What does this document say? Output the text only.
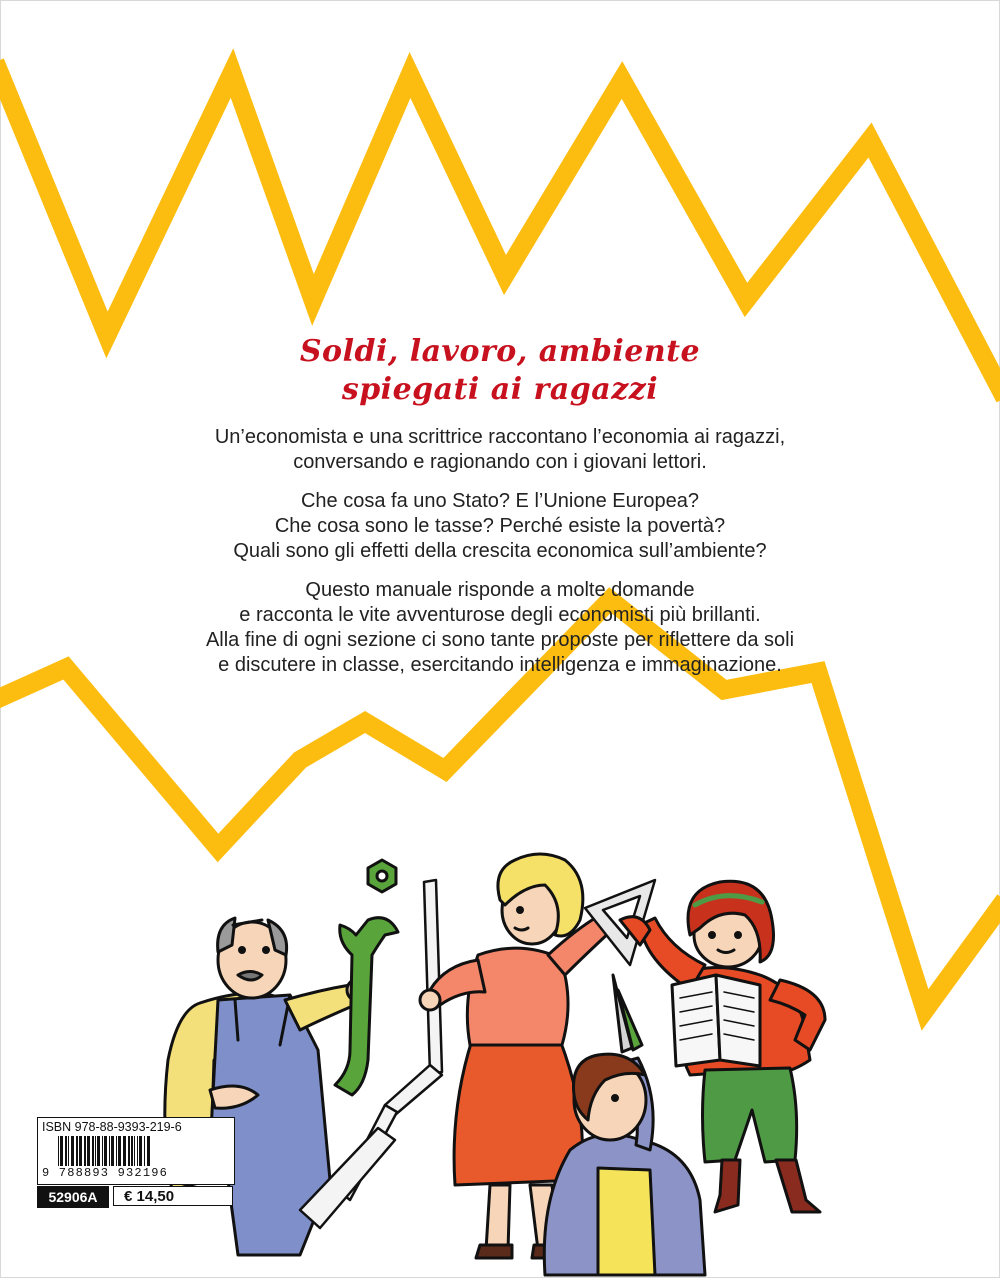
Soldi, lavoro, ambiente
spiegati ai ragazzi

Un’economista e una scrittrice raccontano l’economia ai ragazzi,
conversando e ragionando con i giovani lettori.

Che cosa fa uno Stato? E l’Unione Europea?
Che cosa sono le tasse? Perché esiste la povertà?
Quali sono gli effetti della crescita economica sull’ambiente?

Questo manuale risponde a molte domande
e racconta le vite avventurose degli economisti più brillanti.
Alla fine di ogni sezione ci sono tante proposte per riflettere da soli
e discutere in classe, esercitando intelligenza e immaginazione.

ISBN 978-88-9393-219-6
9 788893 932196
52906A	€ 14,50
